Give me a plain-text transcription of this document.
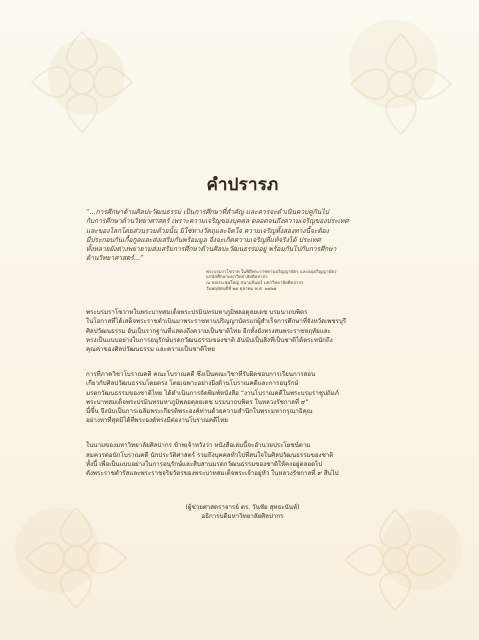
คำปรารภ
“...การศึกษาด้านศิลปะวัฒนธรรม เป็นการศึกษาที่สำคัญ และควรจะดำเนินควบคู่กันไป
กับการศึกษาด้านวิทยาศาสตร์ เพราะความเจริญของบุคคล ตลอดจนถึงความเจริญของประเทศ
และของโลกโดยส่วนรวมด้วยนั้น มิใช่ทางวัตถุและจิตใจ ความเจริญทั้งสองทางนี้จะต้อง
มีประกอบกันเกื้อกูลและส่งเสริมกันพร้อมมูล จึงจะเกิดความเจริญที่แท้จริงได้ ประเทศ
ทั้งหลายยังต่างพยายามส่งเสริมการศึกษาด้านศิลปะวัฒนธรรมอยู่ พร้อมกันไปกับการศึกษา
ด้านวิทยาศาสตร์...”
พระบรมราโชวาท ในพิธีพระราชทานปริญญาบัตร และอนุปริญญาบัตร
แก่นักศึกษามหาวิทยาลัยศิลปากร
ณ หอประชุมใหญ่ สนามจันทร์ มหาวิทยาลัยศิลปากร
วันพฤหัสบดีที่ ๒๑ ตุลาคม พ.ศ. ๒๕๒๑
พระบรมราโชวาทในพระบาทสมเด็จพระปรมินทรมหาภูมิพลอดุลยเดช บรมนาถบพิตร
ในโอกาสที่ได้เสด็จพระราชดำเนินมาพระราชทานปริญญาบัตรแก่ผู้สำเร็จการศึกษาที่จังหวัดเพชรบุรี
ศิลปวัฒนธรรม อันเป็นรากฐานที่แสดงถึงความเป็นชาติไทย อีกทั้งยังทรงสนพระราชหฤทัยและ
ทรงเป็นแบบอย่างในการอนุรักษ์มรดกวัฒนธรรมของชาติ อันนับเป็นสิ่งที่เป็นชาติได้ตระหนักถึง
คุณค่าของศิลปวัฒนธรรม และความเป็นชาติไทย
การที่ภาควิชาโบราณคดี คณะโบราณคดี ซึ่งเป็นคณะวิชาที่รับผิดชอบการเรียนการสอน
เกี่ยวกับศิลปวัฒนธรรมโดยตรง โดยเฉพาะอย่างยิ่งด้านโบราณคดีและการอนุรักษ์
มรดกวัฒนธรรมของชาติไทย ได้ดำเนินการจัดพิมพ์หนังสือ “งานโบราณคดีในพระบรมราชูปถัมภ์
พระบาทสมเด็จพระปรมินทรมหาภูมิพลอดุลยเดช บรมนาถบพิตร ในหลวงรัชกาลที่ ๙”
นี้ขึ้น จึงนับเป็นการเฉลิมพระเกียรติพระองค์ท่านด้วยความสำนึกในพระมหากรุณาธิคุณ
อย่างหาที่สุดมิได้ที่พระองค์ทรงมีต่องานโบราณคดีไทย
ในนามของมหาวิทยาลัยศิลปากร ข้าพเจ้าหวังว่า หนังสือเล่มนี้จะอำนวยประโยชน์ตาม
สมควรต่อนักโบราณคดี นักประวัติศาสตร์ รวมถึงบุคคลทั่วไปที่สนใจในศิลปวัฒนธรรมของชาติ
ทั้งนี้ เพื่อเป็นแบบอย่างในการอนุรักษ์และสืบสานมรดกวัฒนธรรมของชาติให้คงอยู่ตลอดไป
ดังพระราชดำรัสและพระราชจริยวัตรของพระบาทสมเด็จพระเจ้าอยู่หัว ในหลวงรัชกาลที่ ๙ สืบไป
(ผู้ช่วยศาสตราจารย์ ดร. วันชัย สุทธะนันท์)
อธิการบดีมหาวิทยาลัยศิลปากร
